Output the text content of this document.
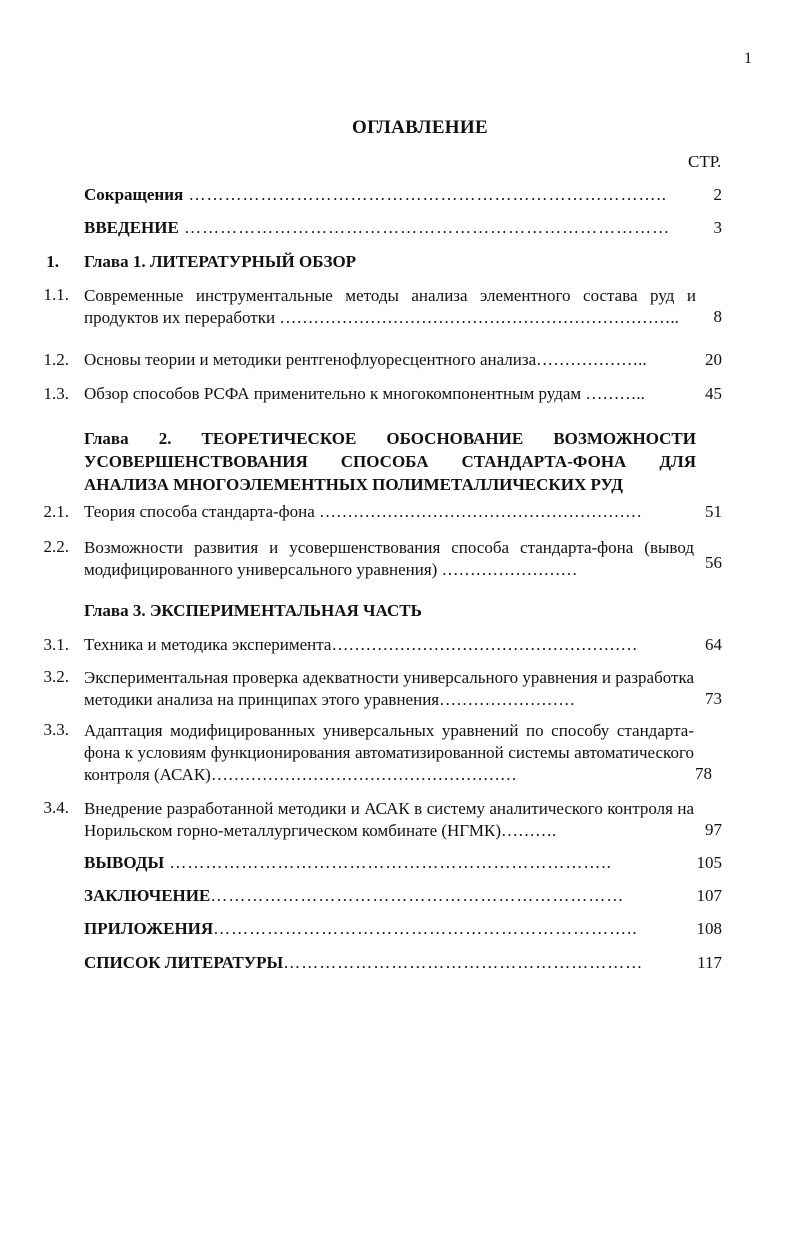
1
ОГЛАВЛЕНИЕ
СТР.
Сокращения ……………………………………………………………………..	2
ВВЕДЕНИЕ ………………………………………………………………………	3
1. Глава 1. ЛИТЕРАТУРНЫЙ ОБЗОР
1.1. Современные инструментальные методы анализа элементного состава руд и продуктов их переработки ……………………………………………………………..	8
1.2. Основы теории и методики рентгенофлуоресцентного анализа………………..	20
1.3. Обзор способов РСФА применительно к многокомпонентным рудам ………..	45
Глава 2. ТЕОРЕТИЧЕСКОЕ ОБОСНОВАНИЕ ВОЗМОЖНОСТИ УСОВЕРШЕНСТВОВАНИЯ СПОСОБА СТАНДАРТА-ФОНА ДЛЯ АНАЛИЗА МНОГОЭЛЕМЕНТНЫХ ПОЛИМЕТАЛЛИЧЕСКИХ РУД
2.1. Теория способа стандарта-фона …………………………………………………	51
2.2. Возможности развития и усовершенствования способа стандарта-фона (вывод модифицированного универсального уравнения) ……………………	56
Глава 3. ЭКСПЕРИМЕНТАЛЬНАЯ ЧАСТЬ
3.1. Техника и методика эксперимента………………………………………………	64
3.2. Экспериментальная проверка адекватности универсального уравнения и разработка методики анализа на принципах этого уравнения……………………	73
3.3. Адаптация модифицированных универсальных уравнений по способу стандарта-фона к условиям функционирования автоматизированной системы автоматического контроля (АСАК)………………………………………………	78
3.4. Внедрение разработанной методики и АСАК в систему аналитического контроля на Норильском горно-металлургическом комбинате (НГМК)……….	97
ВЫВОДЫ ………………………………………………………………..	105
ЗАКЛЮЧЕНИЕ……………………………………………………………	107
ПРИЛОЖЕНИЯ……………………………………………………………..	108
СПИСОК ЛИТЕРАТУРЫ……………………………………………………	117
